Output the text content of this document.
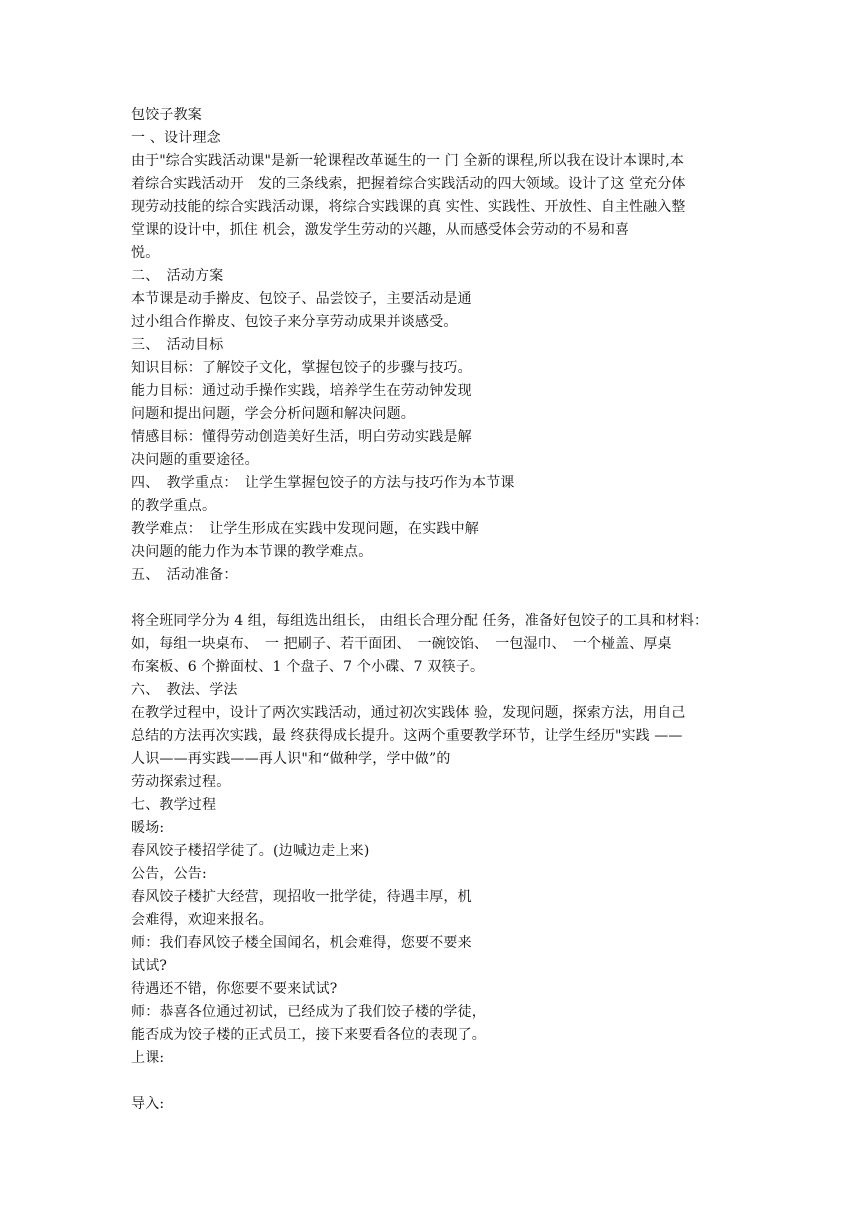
包饺子教案
一 、设计理念
由于"综合实践活动课"是新一轮课程改革诞生的一 门 全新的课程,所以我在设计本课时,本
着综合实践活动开　发的三条线索，把握着综合实践活动的四大领域。设计了这 堂充分体
现劳动技能的综合实践活动课，将综合实践课的真 实性、实践性、开放性、自主性融入整
堂课的设计中，抓住 机会，激发学生劳动的兴趣，从而感受体会劳动的不易和喜
悦。
二、　活动方案
本节课是动手擀皮、包饺子、品尝饺子，主要活动是通
过小组合作擀皮、包饺子来分享劳动成果并谈感受。
三、　活动目标
知识目标：了解饺子文化，掌握包饺子的步骤与技巧。
能力目标：通过动手操作实践，培养学生在劳动钟发现
问题和提出问题，学会分析问题和解决问题。
情感目标：懂得劳动创造美好生活，明白劳动实践是解
决问题的重要途径。
四、　教学重点：　让学生掌握包饺子的方法与技巧作为本节课
的教学重点。
教学难点：　让学生形成在实践中发现问题，在实践中解
决问题的能力作为本节课的教学难点。
五、　活动准备：
将全班同学分为 4 组，每组选出组长， 由组长合理分配 任务，准备好包饺子的工具和材料：
如，每组一块桌布、　一 把刷子、若干面团、　一碗饺馅、　一包湿巾、　一个椪盖、厚桌
布案板、6 个擀面杖、1 个盘子、7 个小碟、7 双筷子。
六、　教法、学法
在教学过程中，设计了两次实践活动，通过初次实践体 验，发现问题，探索方法，用自己
总结的方法再次实践，最 终获得成长提升。这两个重要教学环节，让学生经历"实践 ——
人识——再实践——再人识"和“做种学，学中做”的
劳动探索过程。
七、教学过程
暖场:
春风饺子楼招学徒了。(边喊边走上来)
公告，公告:
春风饺子楼扩大经营，现招收一批学徒，待遇丰厚，机
会难得，欢迎来报名。
师：我们春风饺子楼全国闻名，机会难得，您要不要来
试试?
待遇还不错，你您要不要来试试?
师：恭喜各位通过初试，已经成为了我们饺子楼的学徒，
能否成为饺子楼的正式员工，接下来要看各位的表现了。
上课:
导入:
